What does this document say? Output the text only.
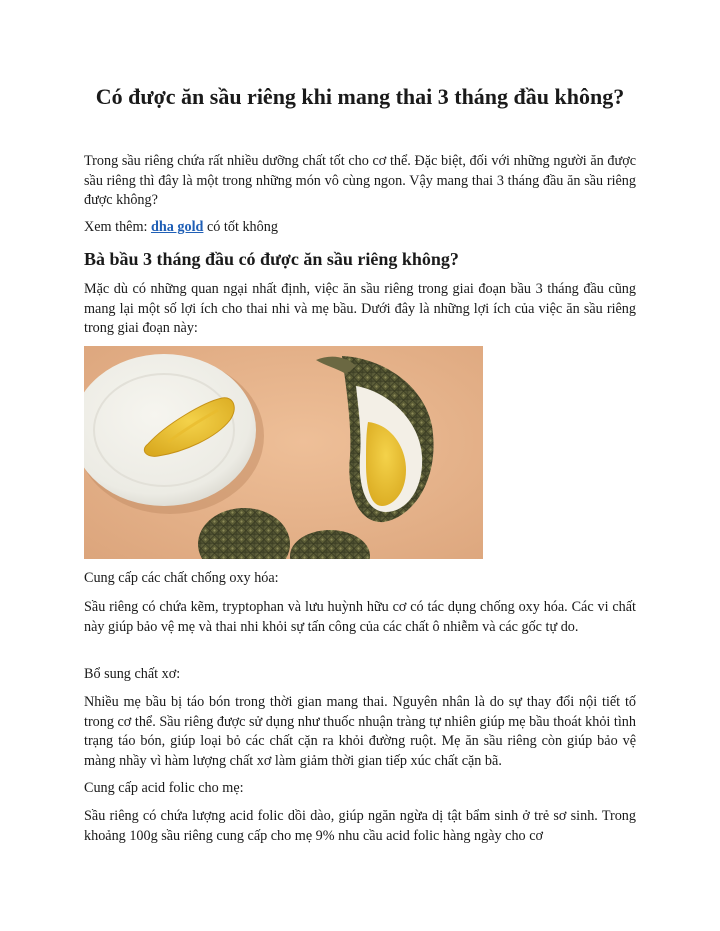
Có được ăn sầu riêng khi mang thai 3 tháng đầu không?

Trong sầu riêng chứa rất nhiều dưỡng chất tốt cho cơ thể. Đặc biệt, đối với những người ăn được sầu riêng thì đây là một trong những món vô cùng ngon. Vậy mang thai 3 tháng đầu ăn sầu riêng được không?

Xem thêm: dha gold có tốt không

Bà bầu 3 tháng đầu có được ăn sầu riêng không?

Mặc dù có những quan ngại nhất định, việc ăn sầu riêng trong giai đoạn bầu 3 tháng đầu cũng mang lại một số lợi ích cho thai nhi và mẹ bầu. Dưới đây là những lợi ích của việc ăn sầu riêng trong giai đoạn này:

Cung cấp các chất chống oxy hóa:

Sầu riêng có chứa kẽm, tryptophan và lưu huỳnh hữu cơ có tác dụng chống oxy hóa. Các vi chất này giúp bảo vệ mẹ và thai nhi khỏi sự tấn công của các chất ô nhiễm và các gốc tự do.

Bổ sung chất xơ:

Nhiều mẹ bầu bị táo bón trong thời gian mang thai. Nguyên nhân là do sự thay đổi nội tiết tố trong cơ thể. Sầu riêng được sử dụng như thuốc nhuận tràng tự nhiên giúp mẹ bầu thoát khỏi tình trạng táo bón, giúp loại bỏ các chất cặn ra khỏi đường ruột. Mẹ ăn sầu riêng còn giúp bảo vệ màng nhầy vì hàm lượng chất xơ làm giảm thời gian tiếp xúc chất cặn bã.

Cung cấp acid folic cho mẹ:

Sầu riêng có chứa lượng acid folic dồi dào, giúp ngăn ngừa dị tật bẩm sinh ở trẻ sơ sinh. Trong khoảng 100g sầu riêng cung cấp cho mẹ 9% nhu cầu acid folic hàng ngày cho cơ
